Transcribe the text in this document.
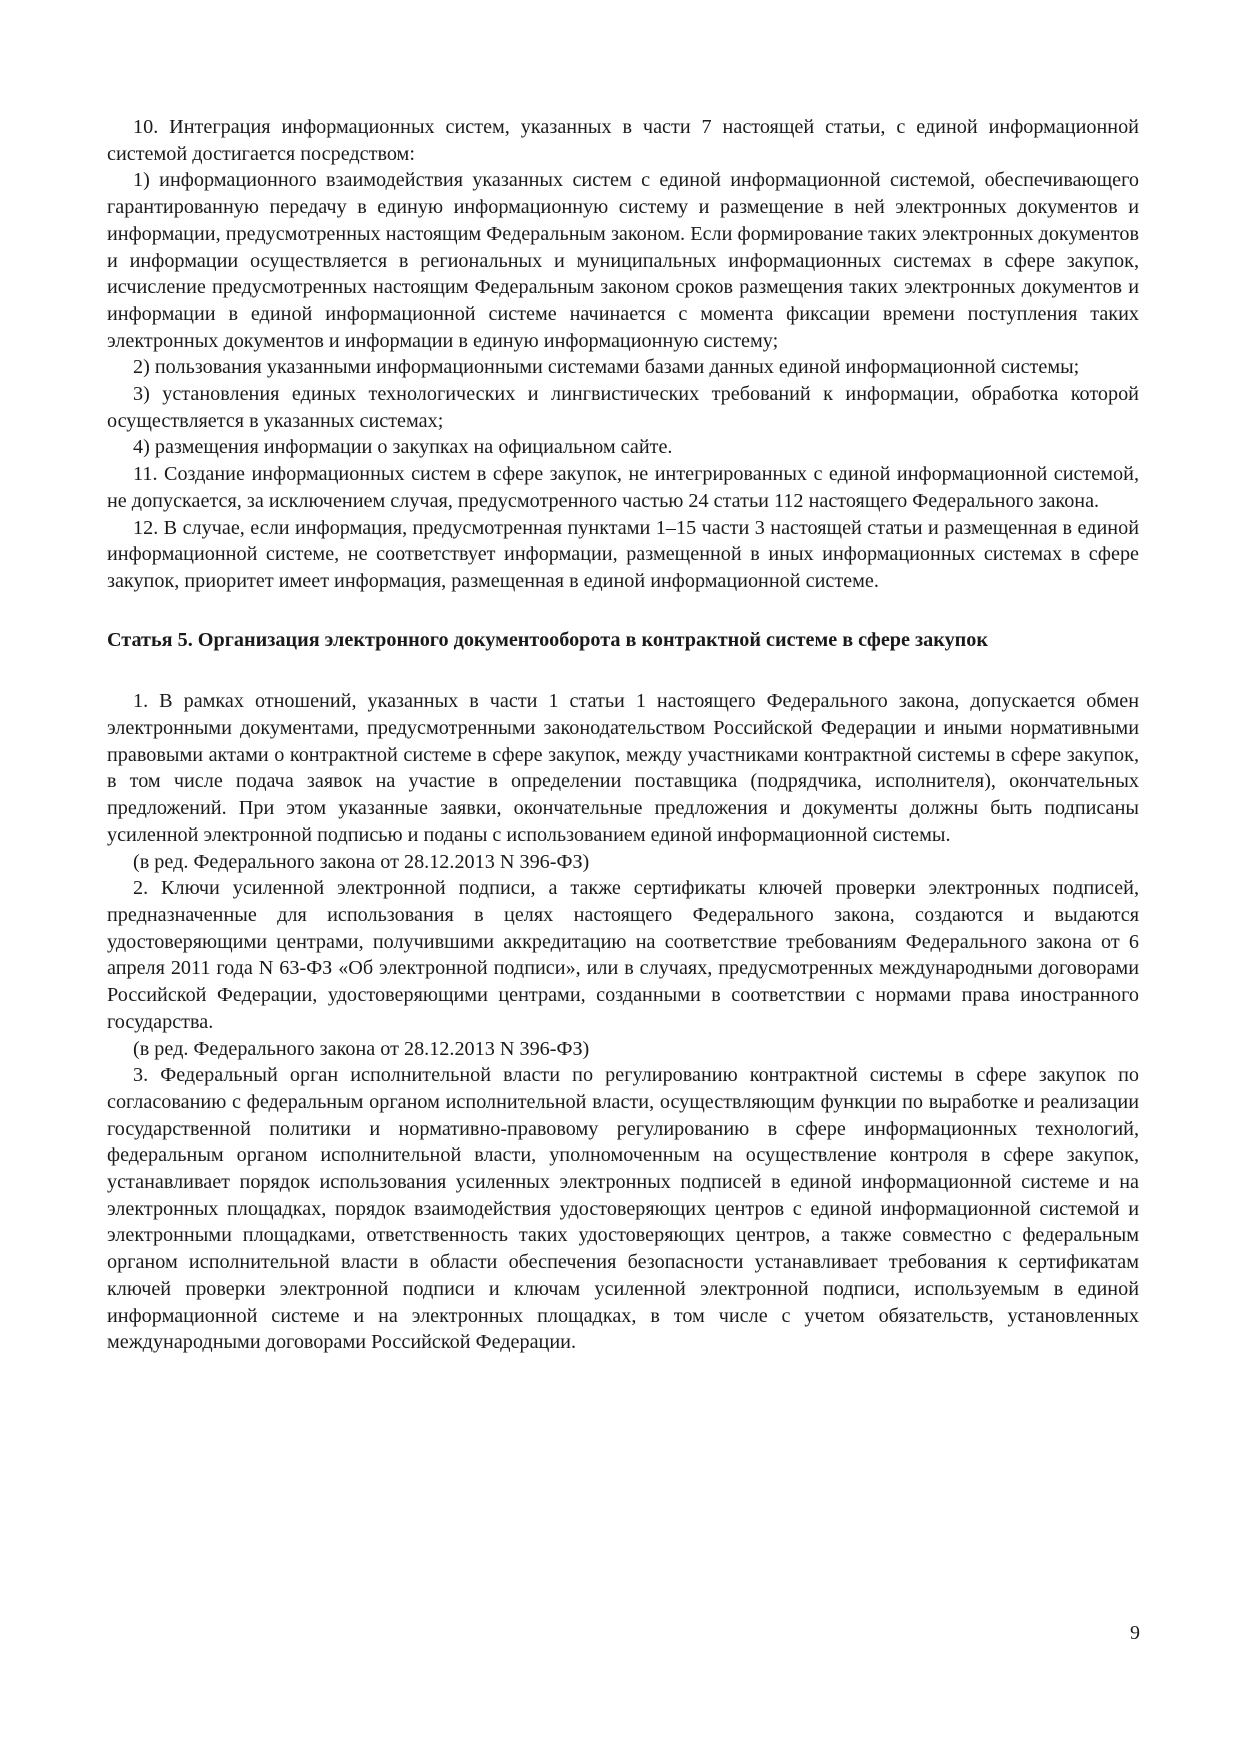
10. Интеграция информационных систем, указанных в части 7 настоящей статьи, с единой информационной системой достигается посредством:

1) информационного взаимодействия указанных систем с единой информационной системой, обеспечивающего гарантированную передачу в единую информационную систему и размещение в ней электронных документов и информации, предусмотренных настоящим Федеральным законом. Если формирование таких электронных документов и информации осуществляется в региональных и муниципальных информационных системах в сфере закупок, исчисление предусмотренных настоящим Федеральным законом сроков размещения таких электронных документов и информации в единой информационной системе начинается с момента фиксации времени поступления таких электронных документов и информации в единую информационную систему;

2) пользования указанными информационными системами базами данных единой информационной системы;

3) установления единых технологических и лингвистических требований к информации, обработка которой осуществляется в указанных системах;

4) размещения информации о закупках на официальном сайте.

11. Создание информационных систем в сфере закупок, не интегрированных с единой информационной системой, не допускается, за исключением случая, предусмотренного частью 24 статьи 112 настоящего Федерального закона.

12. В случае, если информация, предусмотренная пунктами 1–15 части 3 настоящей статьи и размещенная в единой информационной системе, не соответствует информации, размещенной в иных информационных системах в сфере закупок, приоритет имеет информация, размещенная в единой информационной системе.

Статья 5. Организация электронного документооборота в контрактной системе в сфере закупок

1. В рамках отношений, указанных в части 1 статьи 1 настоящего Федерального закона, допускается обмен электронными документами, предусмотренными законодательством Российской Федерации и иными нормативными правовыми актами о контрактной системе в сфере закупок, между участниками контрактной системы в сфере закупок, в том числе подача заявок на участие в определении поставщика (подрядчика, исполнителя), окончательных предложений. При этом указанные заявки, окончательные предложения и документы должны быть подписаны усиленной электронной подписью и поданы с использованием единой информационной системы.

(в ред. Федерального закона от 28.12.2013 N 396-ФЗ)

2. Ключи усиленной электронной подписи, а также сертификаты ключей проверки электронных подписей, предназначенные для использования в целях настоящего Федерального закона, создаются и выдаются удостоверяющими центрами, получившими аккредитацию на соответствие требованиям Федерального закона от 6 апреля 2011 года N 63-ФЗ «Об электронной подписи», или в случаях, предусмотренных международными договорами Российской Федерации, удостоверяющими центрами, созданными в соответствии с нормами права иностранного государства.

(в ред. Федерального закона от 28.12.2013 N 396-ФЗ)

3. Федеральный орган исполнительной власти по регулированию контрактной системы в сфере закупок по согласованию с федеральным органом исполнительной власти, осуществляющим функции по выработке и реализации государственной политики и нормативно-правовому регулированию в сфере информационных технологий, федеральным органом исполнительной власти, уполномоченным на осуществление контроля в сфере закупок, устанавливает порядок использования усиленных электронных подписей в единой информационной системе и на электронных площадках, порядок взаимодействия удостоверяющих центров с единой информационной системой и электронными площадками, ответственность таких удостоверяющих центров, а также совместно с федеральным органом исполнительной власти в области обеспечения безопасности устанавливает требования к сертификатам ключей проверки электронной подписи и ключам усиленной электронной подписи, используемым в единой информационной системе и на электронных площадках, в том числе с учетом обязательств, установленных международными договорами Российской Федерации.

9
